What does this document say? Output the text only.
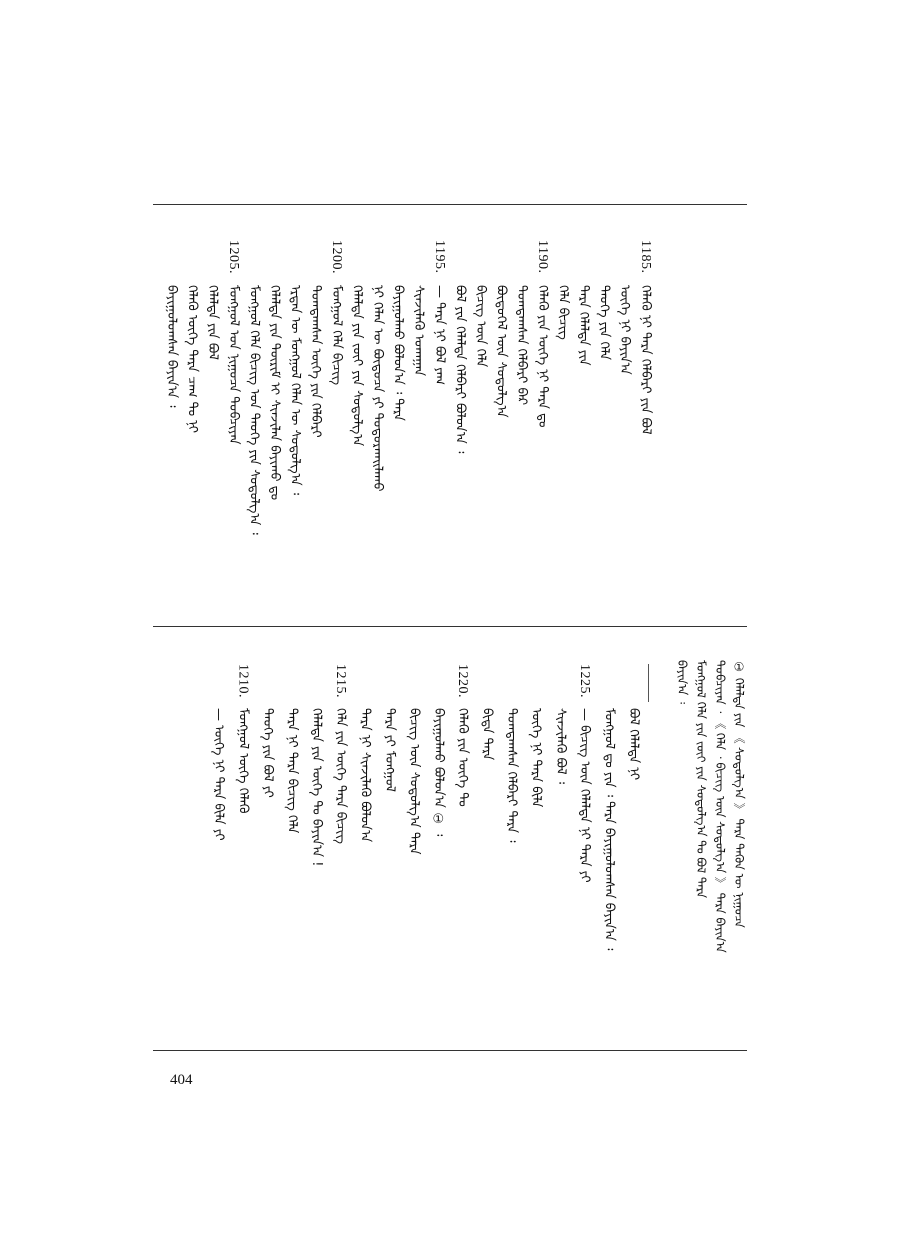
ᠪᠠᠶᠢᠭᠤᠯᠤᠭᠰᠠᠨ ᠪᠠᠶᠢᠨ᠎ᠠ ᠄ ᠬᠡᠯᠡᠬᠦ ᠦᠭᠡ ᠲᠡᠷᠡ ᠴᠠᠭ ᠲᠤ ᠨᠢ ᠬᠡᠯᠡᠯᠲᠡ ᠶᠢᠨ ᠪᠣᠯ
1205.
ᠮᠣᠩᠭᠣᠯ ᠤᠨ ᠨᠢᠭᠤᠴᠠ ᠲᠣᠪᠴᠢᠶᠠᠨ ᠮᠣᠩᠭᠣᠯ ᠬᠡᠯᠡ ᠪᠢᠴᠢᠭ ᠤᠨ ᠲᠡᠦᠬᠡ ᠶᠢᠨ ᠰᠤᠳᠤᠯᠭ᠎ᠠ ᠄ ᠬᠡᠯᠡᠯᠲᠡ ᠶᠢᠨ ᠳᠦᠷᠢᠮ ᠢ ᠰᠢᠨᠵᠢᠯᠡᠨ ᠪᠠᠶᠢᠬᠤ ᠳᠤ ᠡᠷᠲᠡᠨ ᠦ ᠮᠣᠩᠭᠣᠯ ᠬᠡᠯᠡᠨ ᠦ ᠰᠤᠳᠤᠯᠭ᠎ᠠ ᠄ ᠲᠣᠭᠲᠠᠭᠰᠠᠨ ᠦᠭᠡ ᠶᠢᠨ ᠬᠡᠯᠪᠡᠷᠢ
1200.
ᠮᠣᠩᠭᠣᠯ ᠬᠡᠯᠡ ᠪᠢᠴᠢᠭ ᠬᠡᠯᠡᠯᠲᠡ ᠶᠢᠨ ᠵᠦᠢ ᠶᠢᠨ ᠰᠤᠳᠤᠯᠭ᠎ᠠ ᠨᠢ ᠬᠡᠯᠡᠨ ᠦ ᠪᠦᠲᠦᠴᠡ ᠶᠢ ᠲᠣᠳᠣᠷᠬᠠᠢᠯᠠᠬᠤ ᠪᠠᠶᠢᠭᠤᠯᠬᠤ ᠪᠣᠯᠤᠨ᠎ᠠ ᠄ ᠲᠡᠷᠡ ᠰᠢᠨᠵᠢᠯᠡᠬᠦ ᠤᠬᠠᠭᠠᠨ
1195.
— ᠲᠡᠷᠡ ᠨᠢ ᠪᠣᠯ ᠶᠠᠭ ᠪᠣᠯ ᠶᠢᠨ ᠬᠡᠯᠡᠯᠲᠡ ᠬᠡᠯᠪᠡᠷᠢ ᠪᠣᠯᠤᠨ᠎ᠠ ᠄ ᠪᠢᠴᠢᠭ ᠦᠨ ᠬᠡᠯᠡ ᠪᠦᠲᠦᠭᠡᠯ ᠦᠨ ᠰᠤᠳᠤᠯᠭ᠎ᠠ ᠲᠣᠭᠲᠠᠭᠰᠠᠨ ᠬᠡᠯᠪᠡᠷᠢ ᠪᠡᠷ
1190.
ᠬᠡᠯᠡᠬᠦ ᠶᠢᠨ ᠦᠭᠡ ᠨᠢ ᠲᠡᠷᠡ ᠳᠤ ᠬᠡᠯᠡ ᠪᠢᠴᠢᠭ ᠲᠡᠷᠡ ᠬᠡᠯᠡᠯᠲᠡ ᠶᠢᠨ ᠲᠡᠦᠬᠡ ᠶᠢᠨ ᠬᠡᠯᠡ ᠦᠭᠡ ᠨᠢ ᠪᠠᠶᠢᠨ᠎ᠠ
1185.
ᠬᠡᠯᠡᠬᠦ ᠨᠢ ᠲᠡᠷᠡ ᠬᠡᠯᠪᠡᠷᠢ ᠶᠢᠨ ᠪᠣᠯ
ᠪᠠᠶᠢᠨ᠎ᠠ ᠄ ᠮᠣᠩᠭᠣᠯ ᠬᠡᠯᠡ ᠶᠢᠨ ᠵᠦᠢ ᠶᠢᠨ ᠰᠤᠳᠤᠯᠭ᠎ᠠ ᠲᠣ ᠪᠣᠯ ᠲᠡᠷᠡ ᠲᠣᠪᠴᠢᠶᠠᠨ ᠂ 《 ᠬᠡᠯᠡ ᠂ ᠪᠢᠴᠢᠭ ᠦᠨ ᠰᠤᠳᠤᠯᠭ᠎ᠠ 》 ᠲᠡᠷᠡ ᠪᠠᠶᠢᠨ᠎ᠠ ① ᠬᠡᠯᠡᠯᠲᠡ ᠶᠢᠨ 《 ᠰᠤᠳᠤᠯᠭ᠎ᠠ 》 ᠲᠡᠷᠡ ᠲᠡᠭᠦᠨ ᠦ ᠨᠢᠭᠤᠴᠠ
ᠪᠣᠯ ᠬᠡᠯᠡᠯᠲᠡ ᠨᠢ
ᠮᠣᠩᠭᠣᠯ ᠳᠤ ᠶᠢᠨ ᠄ ᠲᠡᠷᠡ ᠪᠠᠶᠢᠭᠤᠯᠤᠭᠰᠠᠨ ᠪᠠᠶᠢᠨ᠎ᠠ ᠄
1225.
— ᠪᠢᠴᠢᠭ ᠦᠨ ᠬᠡᠯᠡᠯᠲᠡ ᠨᠢ ᠲᠡᠷᠡ ᠶᠢ
ᠰᠢᠨᠵᠢᠯᠡᠬᠦ ᠪᠣᠯ ᠄
ᠦᠭᠡ ᠨᠢ ᠲᠡᠷᠡ ᠪᠢᠯᠡ
ᠲᠣᠭᠲᠠᠭᠰᠠᠨ ᠬᠡᠯᠪᠡᠷᠢ ᠲᠡᠷᠡ ᠄
ᠪᠢᠳᠡ ᠲᠡᠷᠡ
1220.
ᠬᠡᠯᠡᠬᠦ ᠶᠢᠨ ᠦᠭᠡ ᠲᠤ
ᠪᠠᠶᠢᠭᠤᠯᠬᠤ ᠪᠣᠯᠤᠨ᠎ᠠ ① ᠄
ᠪᠢᠴᠢᠭ ᠦᠨ ᠰᠤᠳᠤᠯᠭ᠎ᠠ ᠲᠡᠷᠡ
ᠲᠡᠷᠡ ᠶᠢ ᠮᠣᠩᠭᠣᠯ
ᠲᠡᠷᠡ ᠨᠢ ᠰᠢᠨᠵᠢᠯᠡᠬᠦ ᠪᠣᠯᠤᠨ᠎ᠠ
1215.
ᠬᠡᠯᠡ ᠶᠢᠨ ᠦᠭᠡ ᠲᠡᠷᠡ ᠪᠢᠴᠢᠭ
ᠬᠡᠯᠡᠯᠲᠡ ᠶᠢᠨ ᠦᠭᠡ ᠲᠤ ᠪᠠᠶᠢᠨ᠎ᠠ !
ᠲᠡᠷᠡ ᠨᠢ ᠲᠡᠷᠡ ᠪᠢᠴᠢᠭ ᠬᠡᠯᠡ
ᠲᠡᠦᠬᠡ ᠶᠢᠨ ᠪᠣᠯ ᠶᠢ
1210.
ᠮᠣᠩᠭᠣᠯ ᠦᠭᠡ ᠬᠡᠯᠡᠬᠦ
— ᠦᠭᠡ ᠨᠢ ᠲᠡᠷᠡ ᠪᠢᠯᠡ ᠶᠢ
404
